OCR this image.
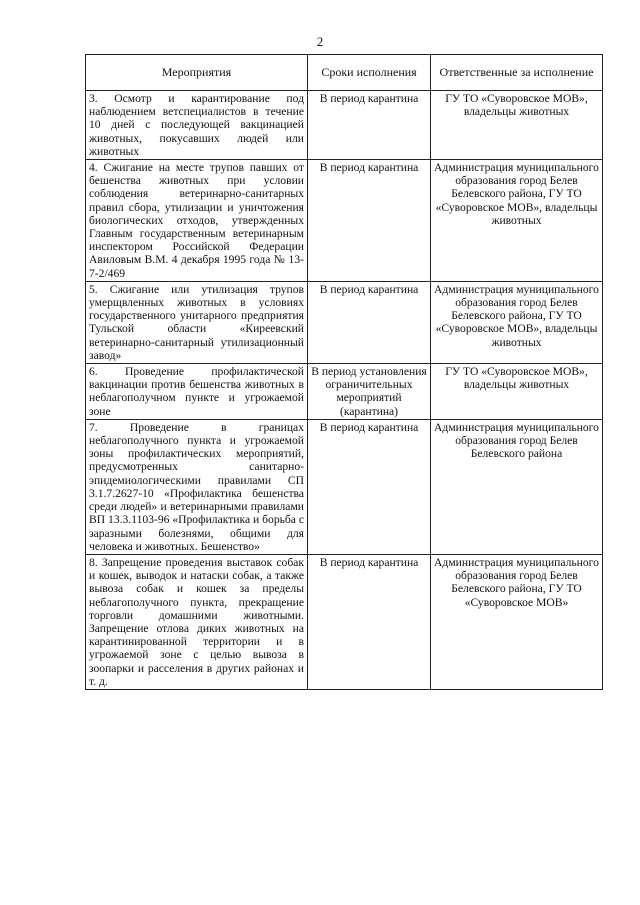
2
Мероприятия	Сроки исполнения	Ответственные за исполнение
3. Осмотр и карантирование под наблюдением ветспециалистов в течение 10 дней с последующей вакцинацией животных, покусавших людей или животных	В период карантина	ГУ ТО «Суворовское МОВ», владельцы животных
4. Сжигание на месте трупов павших от бешенства животных при условии соблюдения ветеринарно-санитарных правил сбора, утилизации и уничтожения биологических отходов, утвержденных Главным государственным ветеринарным инспектором Российской Федерации Авиловым В.М. 4 декабря 1995 года № 13-7-2/469	В период карантина	Администрация муниципального образования город Белев Белевского района, ГУ ТО «Суворовское МОВ», владельцы животных
5. Сжигание или утилизация трупов умерщвленных животных в условиях государственного унитарного предприятия Тульской области «Киреевский ветеринарно-санитарный утилизационный завод»	В период карантина	Администрация муниципального образования город Белев Белевского района, ГУ ТО «Суворовское МОВ», владельцы животных
6. Проведение профилактической вакцинации против бешенства животных в неблагополучном пункте и угрожаемой зоне	В период установления ограничительных мероприятий (карантина)	ГУ ТО «Суворовское МОВ», владельцы животных
7. Проведение в границах неблагополучного пункта и угрожаемой зоны профилактических мероприятий, предусмотренных санитарно-эпидемиологическими правилами СП 3.1.7.2627-10 «Профилактика бешенства среди людей» и ветеринарными правилами ВП 13.3.1103-96 «Профилактика и борьба с заразными болезнями, общими для человека и животных. Бешенство»	В период карантина	Администрация муниципального образования город Белев Белевского района
8. Запрещение проведения выставок собак и кошек, выводок и натаски собак, а также вывоза собак и кошек за пределы неблагополучного пункта, прекращение торговли домашними животными. Запрещение отлова диких животных на карантинированной территории и в угрожаемой зоне с целью вывоза в зоопарки и расселения в других районах и т. д.	В период карантина	Администрация муниципального образования город Белев Белевского района, ГУ ТО «Суворовское МОВ»
